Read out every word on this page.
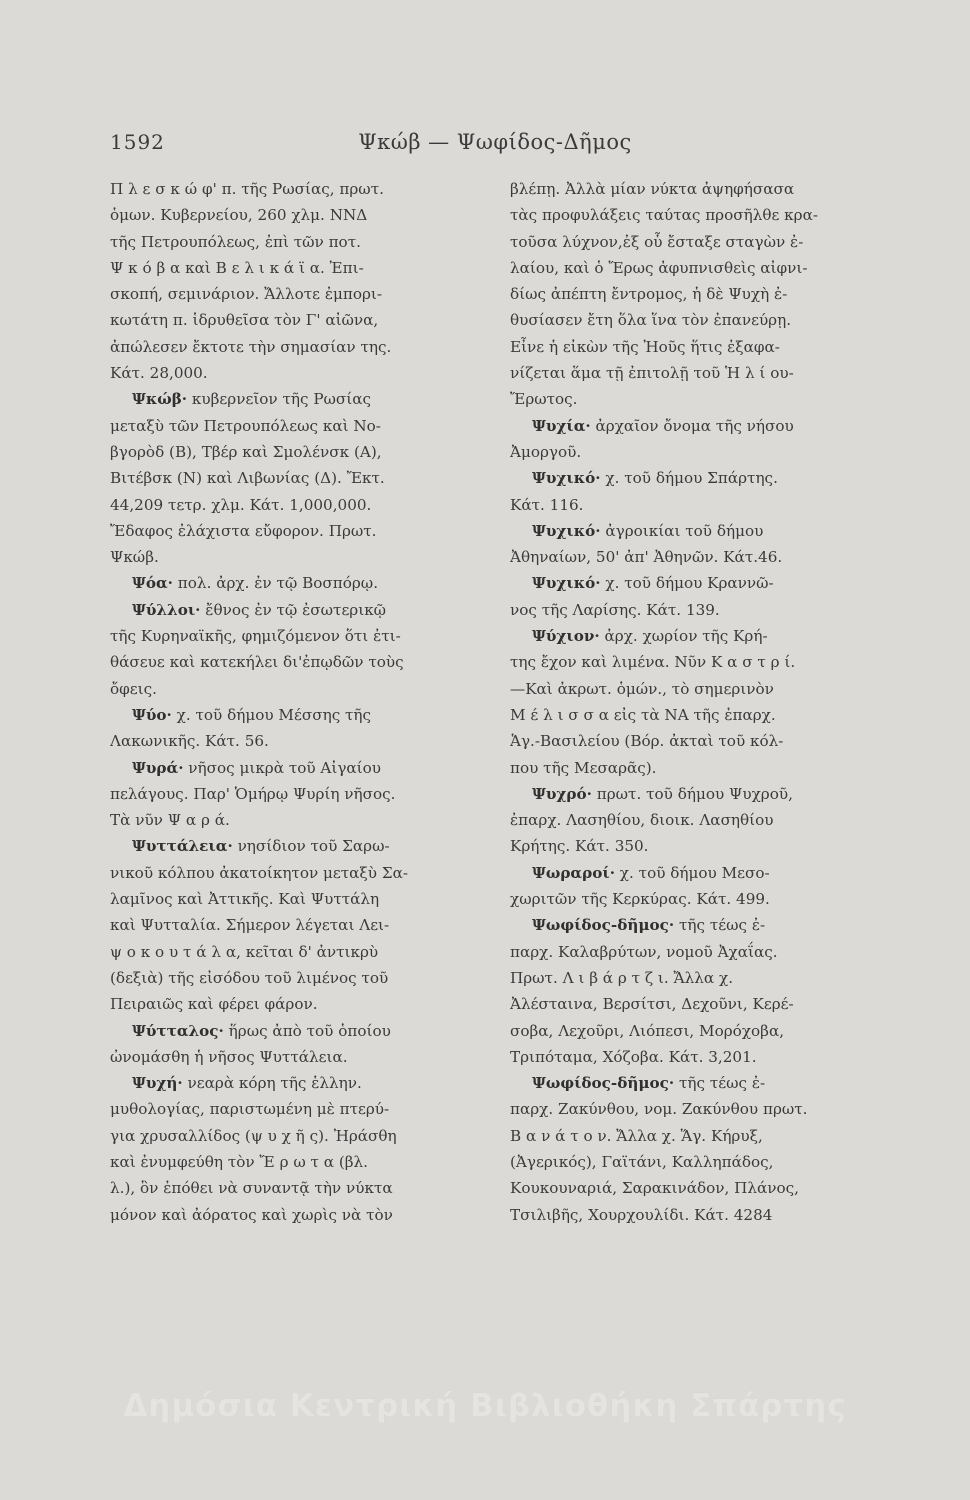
1592	Ψκώβ — Ψωφίδος-Δῆμος
Π λ ε σ κ ώ φ' π. τῆς Ρωσίας, πρωτ.
ὁμων. Κυβερνείου, 260 χλμ. ΝΝΔ
τῆς Πετρουπόλεως, ἐπὶ τῶν ποτ.
Ψ κ ό β α καὶ Β ε λ ι κ ά ϊ α. Ἐπι-
σκοπή, σεμινάριον. Ἄλλοτε ἐμπορι-
κωτάτη π. ἱδρυθεῖσα τὸν Γ' αἰῶνα,
ἀπώλεσεν ἔκτοτε τὴν σημασίαν της.
Κάτ. 28,000.
Ψκώβ· κυβερνεῖον τῆς Ρωσίας
μεταξὺ τῶν Πετρουπόλεως καὶ Νο-
βγορὸδ (Β), Τβέρ καὶ Σμολένσκ (Α),
Βιτέβσκ (Ν) καὶ Λιβωνίας (Δ). Ἔκτ.
44,209 τετρ. χλμ. Κάτ. 1,000,000.
Ἔδαφος ἐλάχιστα εὔφορον. Πρωτ.
Ψκώβ.
Ψόα· πολ. ἀρχ. ἐν τῷ Βοσπόρῳ.
Ψύλλοι· ἔθνος ἐν τῷ ἐσωτερικῷ
τῆς Κυρηναϊκῆς, φημιζόμενον ὅτι ἐτι-
θάσευε καὶ κατεκήλει δι'ἐπῳδῶν τοὺς
ὄφεις.
Ψύο· χ. τοῦ δήμου Μέσσης τῆς
Λακωνικῆς. Κάτ. 56.
Ψυρά· νῆσος μικρὰ τοῦ Αἰγαίου
πελάγους. Παρ' Ὁμήρῳ Ψυρίη νῆσος.
Τὰ νῦν Ψ α ρ ά.
Ψυττάλεια· νησίδιον τοῦ Σαρω-
νικοῦ κόλπου ἀκατοίκητον μεταξὺ Σα-
λαμῖνος καὶ Ἀττικῆς. Καὶ Ψυττάλη
καὶ Ψυτταλία. Σήμερον λέγεται Λει-
ψ ο κ ο υ τ ά λ α, κεῖται δ' ἀντικρὺ
(δεξιὰ) τῆς εἰσόδου τοῦ λιμένος τοῦ
Πειραιῶς καὶ φέρει φάρον.
Ψύτταλος· ἥρως ἀπὸ τοῦ ὁποίου
ὠνομάσθη ἡ νῆσος Ψυττάλεια.
Ψυχή· νεαρὰ κόρη τῆς ἑλλην.
μυθολογίας, παριστωμένη μὲ πτερύ-
για χρυσαλλίδος (ψ υ χ ῆ ς). Ἠράσθη
καὶ ἐνυμφεύθη τὸν Ἔ ρ ω τ α (βλ.
λ.), ὃν ἐπόθει νὰ συναντᾷ τὴν νύκτα
μόνον καὶ ἀόρατος καὶ χωρὶς νὰ τὸν
βλέπῃ. Ἀλλὰ μίαν νύκτα ἀψηφήσασα
τὰς προφυλάξεις ταύτας προσῆλθε κρα-
τοῦσα λύχνον,ἐξ οὗ ἔσταξε σταγὼν ἐ-
λαίου, καὶ ὁ Ἔρως ἀφυπνισθεὶς αἰφνι-
δίως ἀπέπτη ἔντρομος, ἡ δὲ Ψυχὴ ἐ-
θυσίασεν ἔτη ὅλα ἵνα τὸν ἐπανεύρῃ.
Εἶνε ἡ εἰκὼν τῆς Ἠοῦς ἥτις ἐξαφα-
νίζεται ἅμα τῇ ἐπιτολῇ τοῦ Ἡ λ ί ου-
Ἔρωτος.
Ψυχία· ἀρχαῖον ὄνομα τῆς νήσου
Ἀμοργοῦ.
Ψυχικό· χ. τοῦ δήμου Σπάρτης.
Κάτ. 116.
Ψυχικό· ἀγροικίαι τοῦ δήμου
Ἀθηναίων, 50' ἀπ' Ἀθηνῶν. Κάτ.46.
Ψυχικό· χ. τοῦ δήμου Κραννῶ-
νος τῆς Λαρίσης. Κάτ. 139.
Ψύχιον· ἀρχ. χωρίον τῆς Κρή-
της ἔχον καὶ λιμένα. Νῦν Κ α σ τ ρ ί.
—Καὶ ἀκρωτ. ὁμών., τὸ σημερινὸν
Μ έ λ ι σ σ α εἰς τὰ ΝΑ τῆς ἐπαρχ.
Ἁγ.-Βασιλείου (Βόρ. ἀκταὶ τοῦ κόλ-
που τῆς Μεσαρᾶς).
Ψυχρό· πρωτ. τοῦ δήμου Ψυχροῦ,
ἐπαρχ. Λασηθίου, διοικ. Λασηθίου
Κρήτης. Κάτ. 350.
Ψωραροί· χ. τοῦ δήμου Μεσο-
χωριτῶν τῆς Κερκύρας. Κάτ. 499.
Ψωφίδος-δῆμος· τῆς τέως ἐ-
παρχ. Καλαβρύτων, νομοῦ Ἀχαΐας.
Πρωτ. Λ ι β ά ρ τ ζ ι. Ἄλλα χ.
Ἀλέσταινα, Βερσίτσι, Δεχοῦνι, Κερέ-
σοβα, Λεχοῦρι, Λιόπεσι, Μορόχοβα,
Τριπόταμα, Χόζοβα. Κάτ. 3,201.
Ψωφίδος-δῆμος· τῆς τέως ἐ-
παρχ. Ζακύνθου, νομ. Ζακύνθου πρωτ.
Β α ν ά τ ο ν. Ἄλλα χ. Ἅγ. Κήρυξ,
(Ἀγερικός), Γαϊτάνι, Καλληπάδος,
Κουκουναριά, Σαρακινάδον, Πλάνος,
Τσιλιβῆς, Χουρχουλίδι. Κάτ. 4284
Δημόσια Κεντρική Βιβλιοθήκη Σπάρτης
